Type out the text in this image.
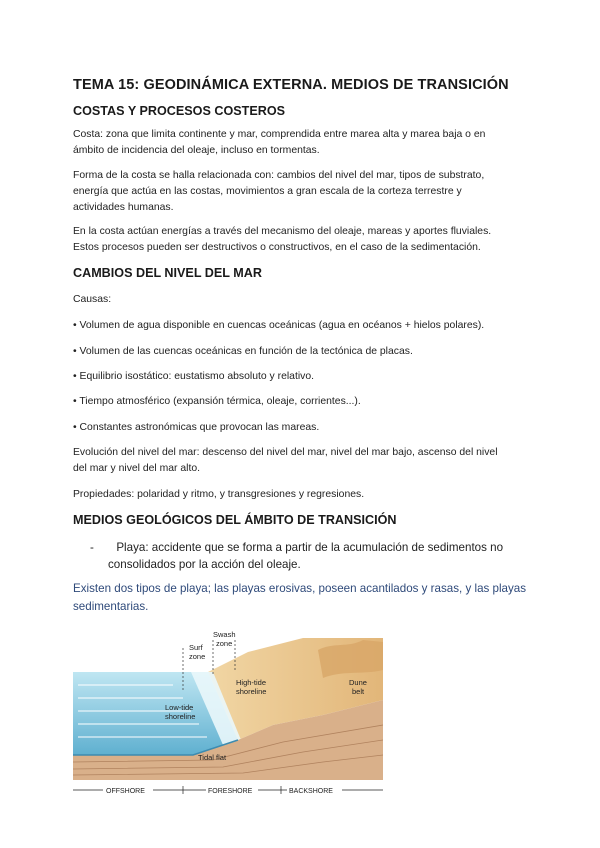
TEMA 15: GEODINÁMICA EXTERNA. MEDIOS DE TRANSICIÓN
COSTAS Y PROCESOS COSTEROS

Costa: zona que limita continente y mar, comprendida entre marea alta y marea baja o en

ámbito de incidencia del oleaje, incluso en tormentas.

Forma de la costa se halla relacionada con: cambios del nivel del mar, tipos de substrato,

energía que actúa en las costas, movimientos a gran escala de la corteza terrestre y

actividades humanas.

En la costa actúan energías a través del mecanismo del oleaje, mareas y aportes fluviales.

Estos procesos pueden ser destructivos o constructivos, en el caso de la sedimentación.

CAMBIOS DEL NIVEL DEL MAR

Causas:

• Volumen de agua disponible en cuencas oceánicas (agua en océanos + hielos polares).

• Volumen de las cuencas oceánicas en función de la tectónica de placas.

• Equilibrio isostático: eustatismo absoluto y relativo.

• Tiempo atmosférico (expansión térmica, oleaje, corrientes...).

• Constantes astronómicas que provocan las mareas.

Evolución del nivel del mar: descenso del nivel del mar, nivel del mar bajo, ascenso del nivel

del mar y nivel del mar alto.

Propiedades: polaridad y ritmo, y transgresiones y regresiones.

MEDIOS GEOLÓGICOS DEL ÁMBITO DE TRANSICIÓN
- Playa: accidente que se forma a partir de la acumulación de sedimentos no
consolidados por la acción del oleaje.

Existen dos tipos de playa; las playas erosivas, poseen acantilados y rasas, y las playas

sedimentarias.

Surf
zone
Swash
zone
High-tide
shoreline
Dune
belt
Low-tide
shoreline
Tidal flat
OFFSHORE	FORESHORE	BACKSHORE
